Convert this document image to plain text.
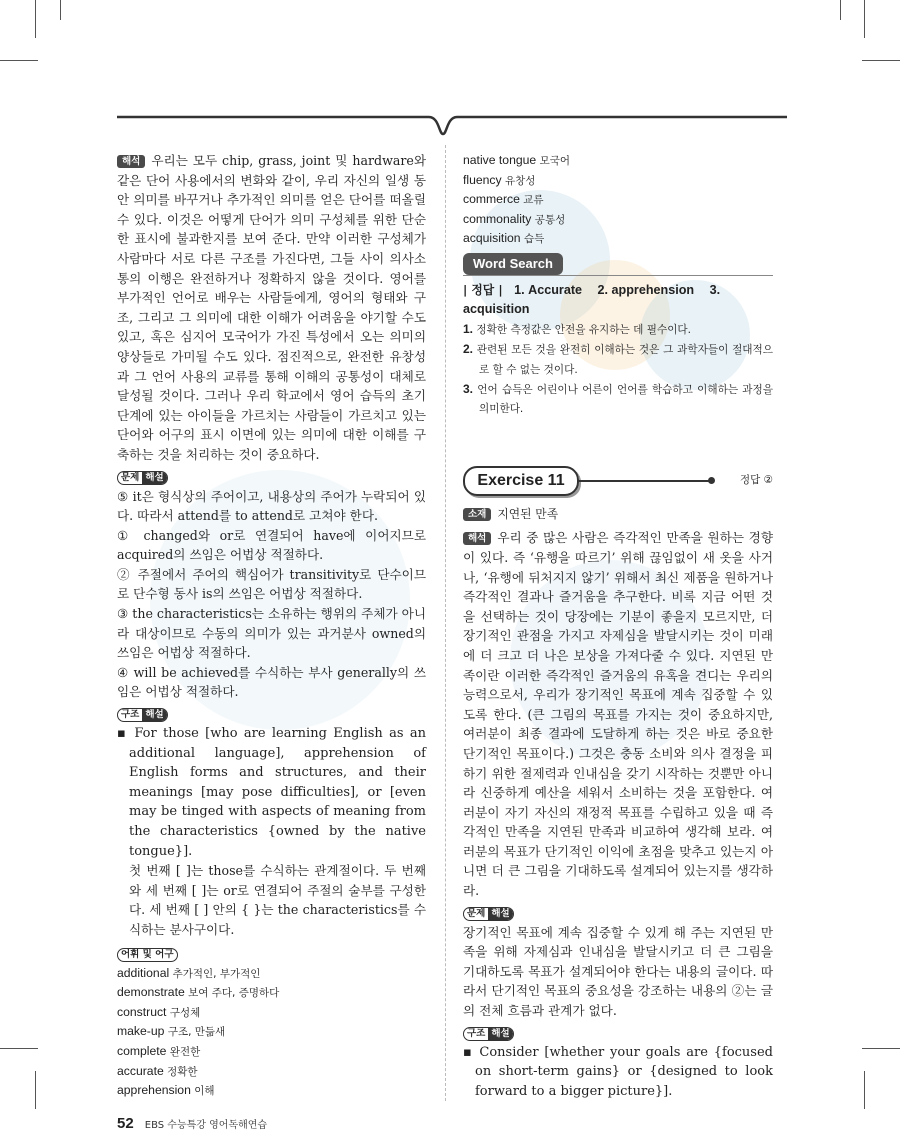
해석 우리는 모두 chip, grass, joint 및 hardware와 같은 단어 사용에서의 변화와 같이, 우리 자신의 일생 동안 의미를 바꾸거나 추가적인 의미를 얻은 단어를 떠올릴 수 있다. 이것은 어떻게 단어가 의미 구성체를 위한 단순한 표시에 불과한지를 보여 준다. 만약 이러한 구성체가 사람마다 서로 다른 구조를 가진다면, 그들 사이 의사소통의 이행은 완전하거나 정확하지 않을 것이다. 영어를 부가적인 언어로 배우는 사람들에게, 영어의 형태와 구조, 그리고 그 의미에 대한 이해가 어려움을 야기할 수도 있고, 혹은 심지어 모국어가 가진 특성에서 오는 의미의 양상들로 가미될 수도 있다. 점진적으로, 완전한 유창성과 그 언어 사용의 교류를 통해 이해의 공통성이 대체로 달성될 것이다. 그러나 우리 학교에서 영어 습득의 초기 단계에 있는 아이들을 가르치는 사람들이 가르치고 있는 단어와 어구의 표시 이면에 있는 의미에 대한 이해를 구축하는 것을 처리하는 것이 중요하다.

문제 해설

⑤ it은 형식상의 주어이고, 내용상의 주어가 누락되어 있다. 따라서 attend를 to attend로 고쳐야 한다.

① changed와 or로 연결되어 have에 이어지므로 acquired의 쓰임은 어법상 적절하다.

② 주절에서 주어의 핵심어가 transitivity로 단수이므로 단수형 동사 is의 쓰임은 어법상 적절하다.

③ the characteristics는 소유하는 행위의 주체가 아니라 대상이므로 수동의 의미가 있는 과거분사 owned의 쓰임은 어법상 적절하다.

④ will be achieved를 수식하는 부사 generally의 쓰임은 어법상 적절하다.

구조 해설

▪ For those [who are learning English as an additional language], apprehension of English forms and structures, and their meanings [may pose difficulties], or [even may be tinged with aspects of meaning from the characteristics {owned by the native tongue}].

첫 번째 [ ]는 those를 수식하는 관계절이다. 두 번째와 세 번째 [ ]는 or로 연결되어 주절의 술부를 구성한다. 세 번째 [ ] 안의 { }는 the characteristics를 수식하는 분사구이다.

어휘 및 어구
additional 추가적인, 부가적인
demonstrate 보여 주다, 증명하다
construct 구성체
make-up 구조, 만듦새
complete 완전한
accurate 정확한
apprehension 이해
native tongue 모국어
fluency 유창성
commerce 교류
commonality 공통성
acquisition 습득
Word Search
| 정답 | 1. Accurate 2. apprehension 3. acquisition

1. 정확한 측정값은 안전을 유지하는 데 필수이다.

2. 관련된 모든 것을 완전히 이해하는 것은 그 과학자들이 절대적으로 할 수 없는 것이다.

3. 언어 습득은 어린이나 어른이 언어를 학습하고 이해하는 과정을 의미한다.

Exercise 11	정답 ②

소재 지연된 만족

해석 우리 중 많은 사람은 즉각적인 만족을 원하는 경향이 있다. 즉 ‘유행을 따르기’ 위해 끊임없이 새 옷을 사거나, ‘유행에 뒤처지지 않기’ 위해서 최신 제품을 원하거나 즉각적인 결과나 즐거움을 추구한다. 비록 지금 어떤 것을 선택하는 것이 당장에는 기분이 좋을지 모르지만, 더 장기적인 관점을 가지고 자제심을 발달시키는 것이 미래에 더 크고 더 나은 보상을 가져다줄 수 있다. 지연된 만족이란 이러한 즉각적인 즐거움의 유혹을 견디는 우리의 능력으로서, 우리가 장기적인 목표에 계속 집중할 수 있도록 한다. (큰 그림의 목표를 가지는 것이 중요하지만, 여러분이 최종 결과에 도달하게 하는 것은 바로 중요한 단기적인 목표이다.) 그것은 충동 소비와 의사 결정을 피하기 위한 절제력과 인내심을 갖기 시작하는 것뿐만 아니라 신중하게 예산을 세워서 소비하는 것을 포함한다. 여러분이 자기 자신의 재정적 목표를 수립하고 있을 때 즉각적인 만족을 지연된 만족과 비교하여 생각해 보라. 여러분의 목표가 단기적인 이익에 초점을 맞추고 있는지 아니면 더 큰 그림을 기대하도록 설계되어 있는지를 생각하라.

문제 해설

장기적인 목표에 계속 집중할 수 있게 해 주는 지연된 만족을 위해 자제심과 인내심을 발달시키고 더 큰 그림을 기대하도록 목표가 설계되어야 한다는 내용의 글이다. 따라서 단기적인 목표의 중요성을 강조하는 내용의 ②는 글의 전체 흐름과 관계가 없다.

구조 해설

▪ Consider [whether your goals are {focused on short-term gains} or {designed to look forward to a bigger picture}].

52 EBS 수능특강 영어독해연습
